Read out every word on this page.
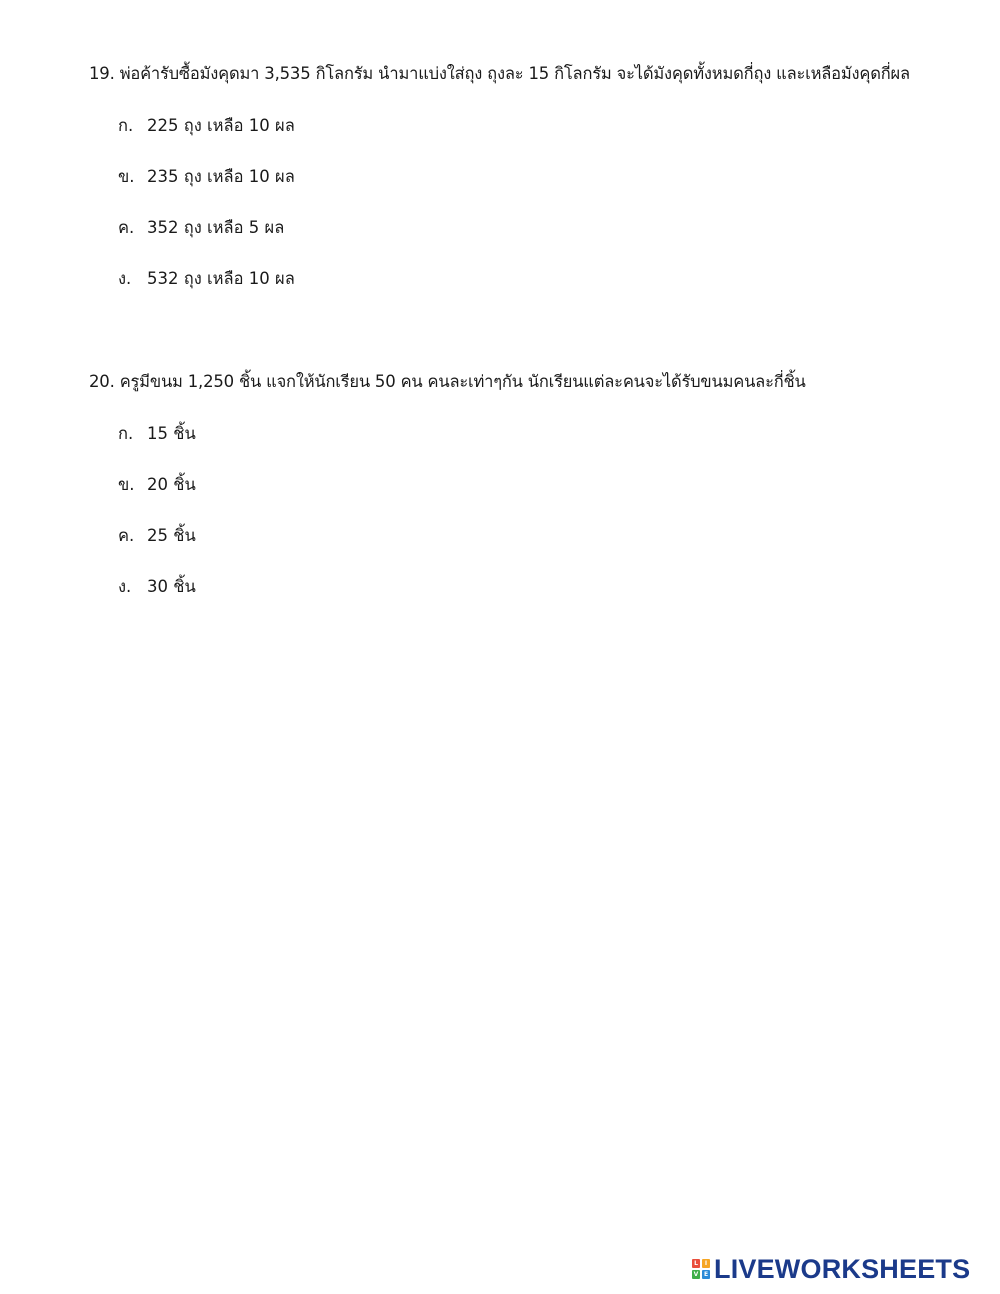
19. พ่อค้ารับซื้อมังคุดมา 3,535 กิโลกรัม นำมาแบ่งใส่ถุง ถุงละ 15 กิโลกรัม จะได้มังคุดทั้งหมดกี่ถุง และเหลือมังคุดกี่ผล
ก. 225 ถุง เหลือ 10 ผล
ข. 235 ถุง เหลือ 10 ผล
ค. 352 ถุง เหลือ 5 ผล
ง. 532 ถุง เหลือ 10 ผล
20. ครูมีขนม 1,250 ชิ้น แจกให้นักเรียน 50 คน คนละเท่าๆกัน นักเรียนแต่ละคนจะได้รับขนมคนละกี่ชิ้น
ก. 15 ชิ้น
ข. 20 ชิ้น
ค. 25 ชิ้น
ง. 30 ชิ้น
L	I
V E LIVEWORKSHEETS
